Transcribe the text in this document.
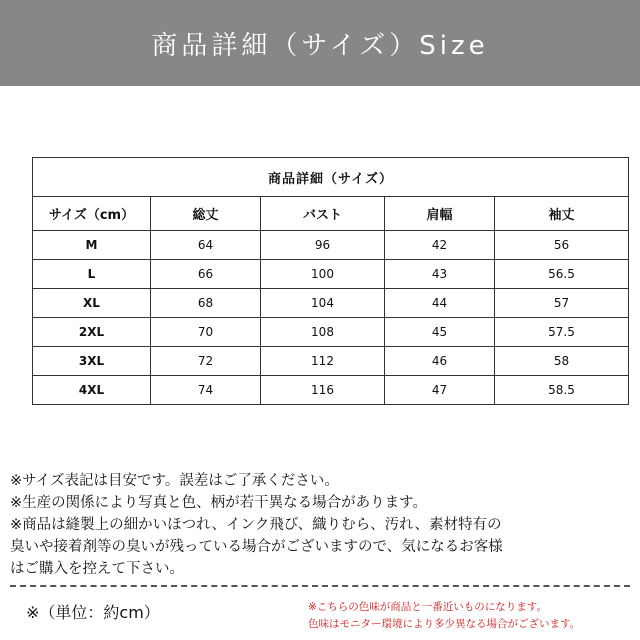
商品詳細（サイズ）Size
商品詳細（サイズ）				
サイズ（cm）	総丈	バスト	肩幅	袖丈
M	64	96	42	56
L	66	100	43	56.5
XL	68	104	44	57
2XL	70	108	45	57.5
3XL	72	112	46	58
4XL	74	116	47	58.5

※サイズ表記は目安です。誤差はご了承ください。

※生産の関係により写真と色、柄が若干異なる場合があります。

※商品は縫製上の細かいほつれ、インク飛び、織りむら、汚れ、素材特有の

臭いや接着剤等の臭いが残っている場合がございますので、気になるお客様

はご購入を控えて下さい。

※（単位：約cm）	※こちらの色味が商品と一番近いものになります。

色味はモニター環境により多少異なる場合がございます。
